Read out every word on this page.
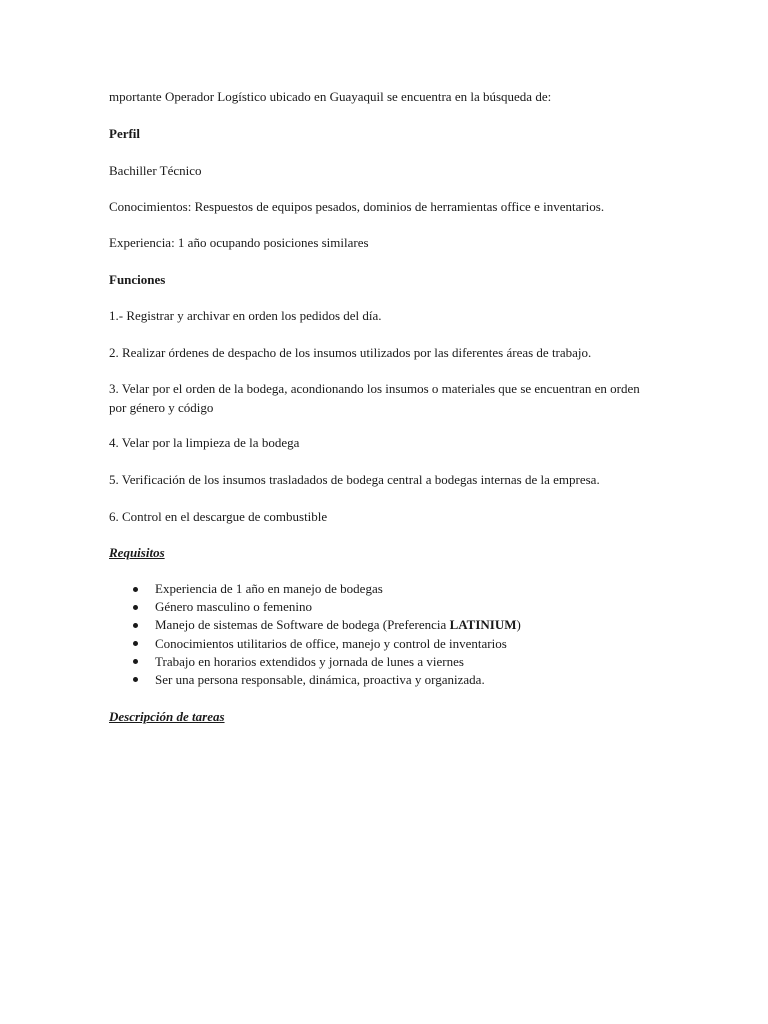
mportante Operador Logístico ubicado en Guayaquil se encuentra en la búsqueda de:
Perfil
Bachiller Técnico
Conocimientos: Respuestos de equipos pesados, dominios de herramientas office e inventarios.
Experiencia: 1 año ocupando posiciones similares
Funciones
1.- Registrar y archivar en orden los pedidos del día.
2. Realizar órdenes de despacho de los insumos utilizados por las diferentes áreas de trabajo.
3. Velar por el orden de la bodega, acondionando los insumos o materiales que se encuentran en orden por género y código
4. Velar por la limpieza de la bodega
5. Verificación de los insumos trasladados de bodega central a bodegas internas de la empresa.
6. Control en el descargue de combustible
Requisitos
Experiencia de 1 año en manejo de bodegas
Género masculino o femenino
Manejo de sistemas de Software de bodega (Preferencia LATINIUM)
Conocimientos utilitarios de office, manejo y control de inventarios
Trabajo en horarios extendidos y jornada de lunes a viernes
Ser una persona responsable, dinámica, proactiva y organizada.
Descripción de tareas
